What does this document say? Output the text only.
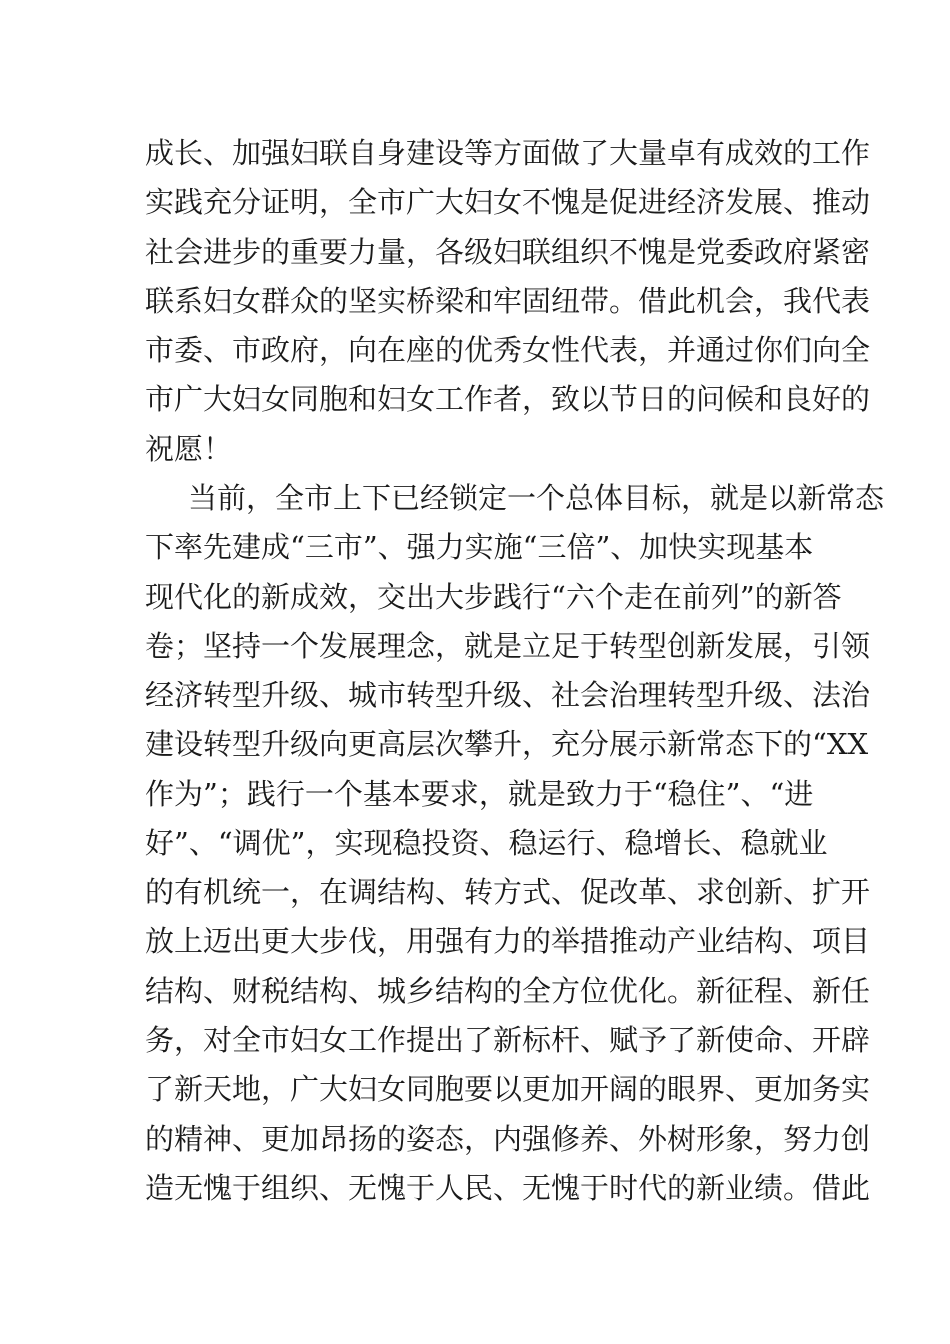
成长、加强妇联自身建设等方面做了大量卓有成效的工作
实践充分证明，全市广大妇女不愧是促进经济发展、推动
社会进步的重要力量，各级妇联组织不愧是党委政府紧密
联系妇女群众的坚实桥梁和牢固纽带。借此机会，我代表
市委、市政府，向在座的优秀女性代表，并通过你们向全
市广大妇女同胞和妇女工作者，致以节日的问候和良好的
祝愿！
当前，全市上下已经锁定一个总体目标，就是以新常态
下率先建成“三市”、强力实施“三倍”、加快实现基本
现代化的新成效，交出大步践行“六个走在前列”的新答
卷；坚持一个发展理念，就是立足于转型创新发展，引领
经济转型升级、城市转型升级、社会治理转型升级、法治
建设转型升级向更高层次攀升，充分展示新常态下的“XX
作为”；践行一个基本要求，就是致力于“稳住”、“进
好”、“调优”，实现稳投资、稳运行、稳增长、稳就业
的有机统一，在调结构、转方式、促改革、求创新、扩开
放上迈出更大步伐，用强有力的举措推动产业结构、项目
结构、财税结构、城乡结构的全方位优化。新征程、新任
务，对全市妇女工作提出了新标杆、赋予了新使命、开辟
了新天地，广大妇女同胞要以更加开阔的眼界、更加务实
的精神、更加昂扬的姿态，内强修养、外树形象，努力创
造无愧于组织、无愧于人民、无愧于时代的新业绩。借此
